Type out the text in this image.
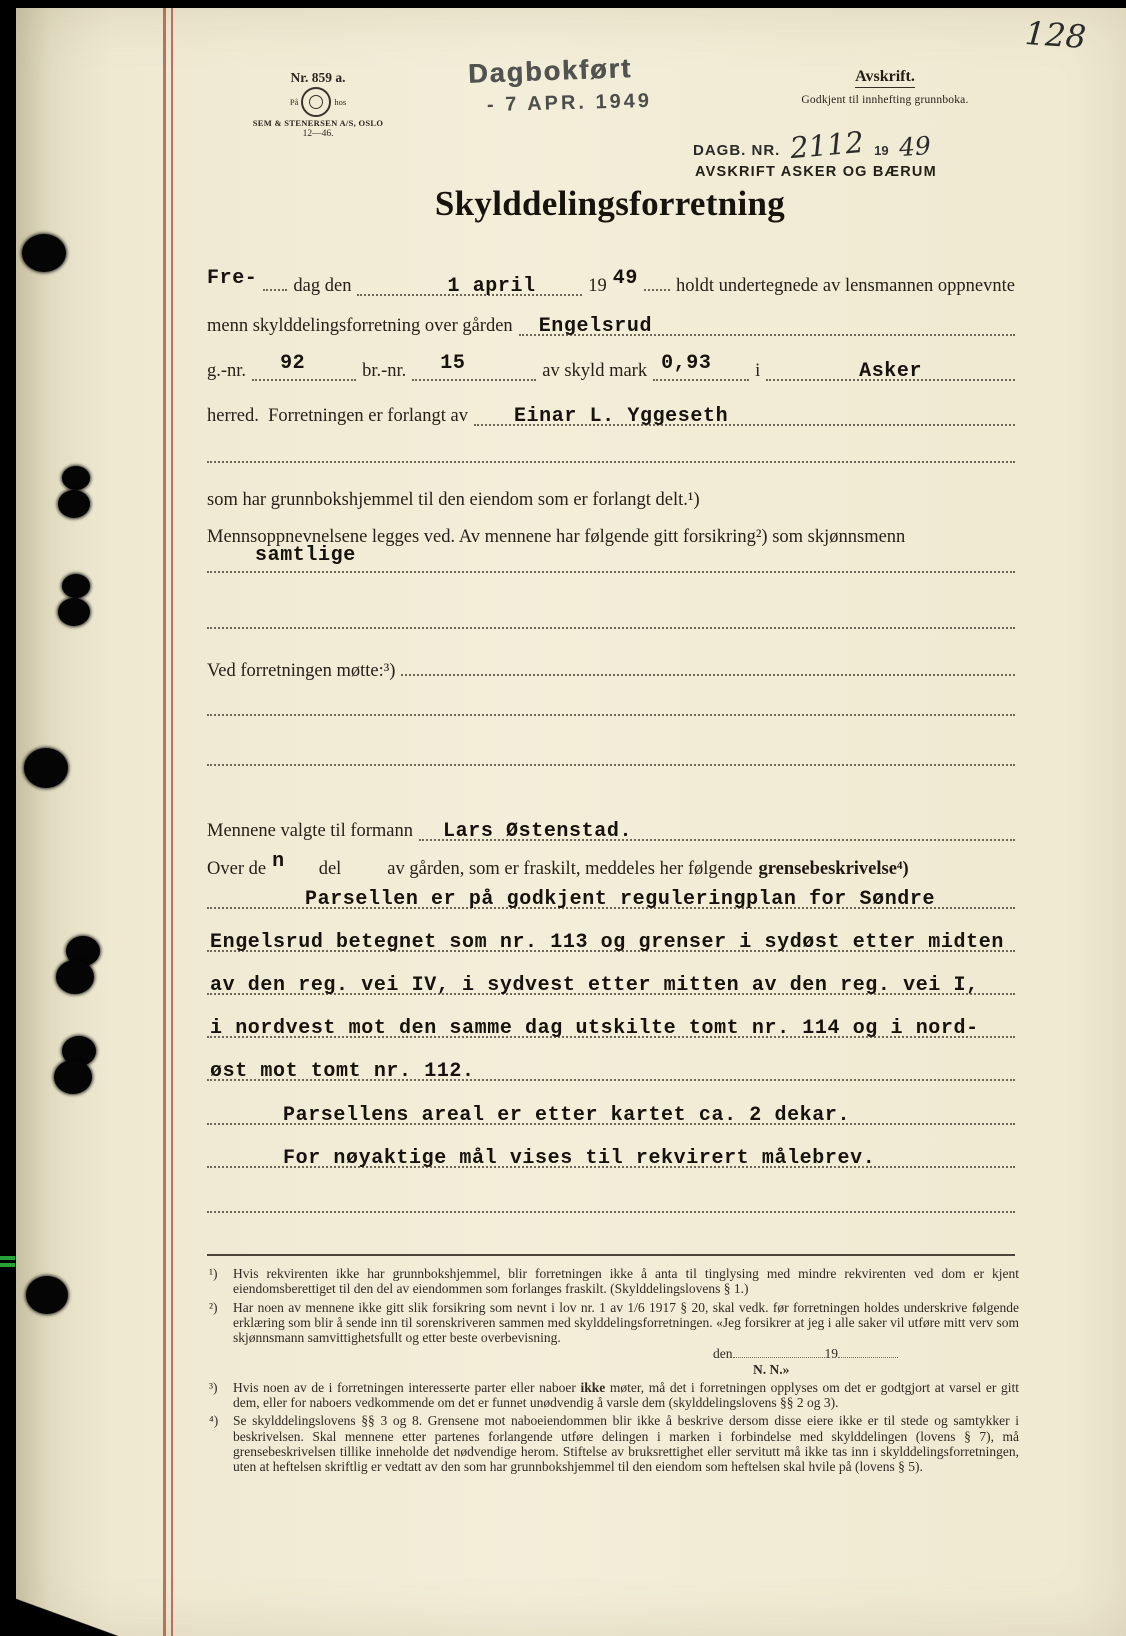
128
Nr. 859 a.
På	hos
SEM & STENERSEN A/S, OSLO
12—46.
Dagbokført
- 7 APR. 1949
Avskrift.
Godkjent til innhefting grunnboka.
DAGB. NR. 2112 19 49
AVSKRIFT ASKER OG BÆRUM
Skylddelingsforretning
Fre- dag den	1 april	19 49 holdt undertegnede av lensmannen oppnevnte
menn skylddelingsforretning over gården	Engelsrud
g.-nr.	92	br.-nr.	15	av skyld mark 0,93	i	Asker
herred.  Forretningen er forlangt av	Einar L. Yggeseth
som har grunnbokshjemmel til den eiendom som er forlangt delt.¹)
Mennsoppnevnelsene legges ved. Av mennene har følgende gitt forsikring²) som skjønnsmenn
samtlige
Ved forretningen møtte:³)
Mennene valgte til formann	Lars Østenstad.
Over de n del av gården, som er fraskilt, meddeles her følgende grensebeskrivelse⁴)
Parsellen er på godkjent reguleringplan for Søndre
Engelsrud betegnet som nr. 113 og grenser i sydøst etter midten
av den reg. vei IV, i sydvest etter mitten av den reg. vei I,
i nordvest mot den samme dag utskilte tomt nr. 114 og i nord-
øst mot tomt nr. 112.
Parsellens areal er etter kartet ca. 2 dekar.
For nøyaktige mål vises til rekvirert målebrev.
¹) Hvis rekvirenten ikke har grunnbokshjemmel, blir forretningen ikke å anta til tinglysing med mindre rekvirenten ved dom er kjent eiendomsberettiget til den del av eiendommen som forlanges fraskilt. (Skylddelingslovens § 1.)
²) Har noen av mennene ikke gitt slik forsikring som nevnt i lov nr. 1 av 1/6 1917 § 20, skal vedk. før forretningen holdes underskrive følgende erklæring som blir å sende inn til sorenskriveren sammen med skylddelingsforretningen. «Jeg forsikrer at jeg i alle saker vil utføre mitt verv som skjønnsmann samvittighetsfullt og etter beste overbevisning.
den	19
N. N.»
³) Hvis noen av de i forretningen interesserte parter eller naboer ikke møter, må det i forretningen opplyses om det er godtgjort at varsel er gitt dem, eller for naboers vedkommende om det er funnet unødvendig å varsle dem (skylddelingslovens §§ 2 og 3).
⁴) Se skylddelingslovens §§ 3 og 8. Grensene mot naboeiendommen blir ikke å beskrive dersom disse eiere ikke er til stede og samtykker i beskrivelsen. Skal mennene etter partenes forlangende utføre delingen i marken i forbindelse med skylddelingen (lovens § 7), må grensebeskrivelsen tillike inneholde det nødvendige herom. Stiftelse av bruksrettighet eller servitutt må ikke tas inn i skylddelingsforretningen, uten at heftelsen skriftlig er vedtatt av den som har grunnbokshjemmel til den eiendom som heftelsen skal hvile på (lovens § 5).
